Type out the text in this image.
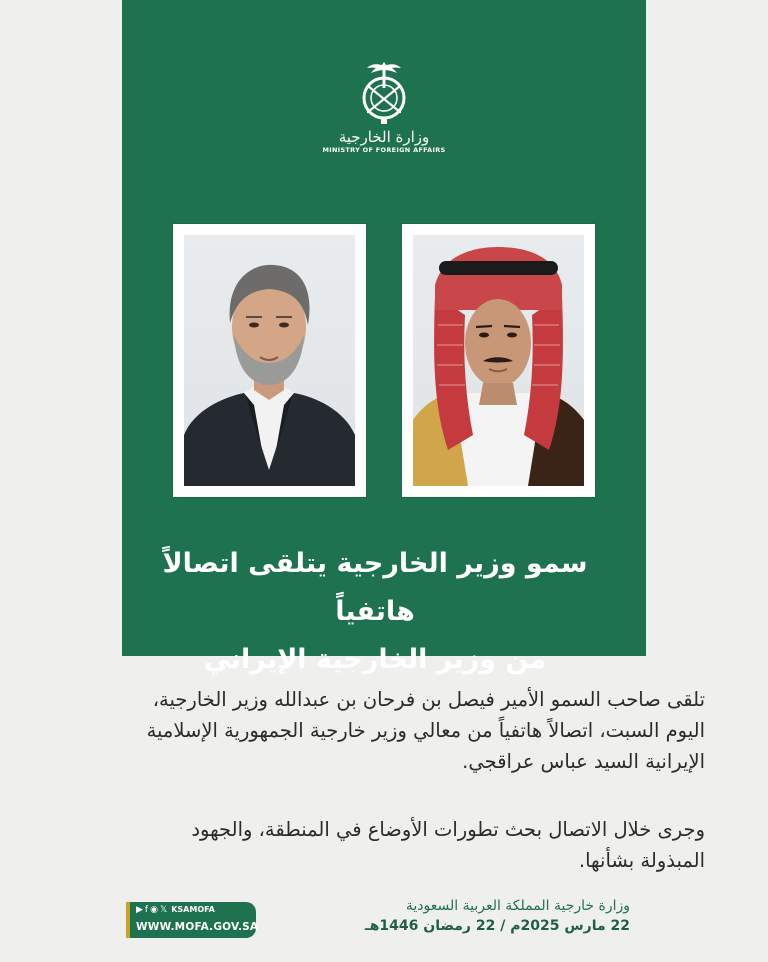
وزارة الخارجية
MINISTRY OF FOREIGN AFFAIRS
سمو وزير الخارجية يتلقى اتصالاً هاتفياً
من وزير الخارجية الإيراني
تلقى صاحب السمو الأمير فيصل بن فرحان بن عبدالله وزير الخارجية، اليوم السبت، اتصالاً هاتفياً من معالي وزير خارجية الجمهورية الإسلامية الإيرانية السيد عباس عراقجي.
وجرى خلال الاتصال بحث تطورات الأوضاع في المنطقة، والجهود المبذولة بشأنها.
▶ f ◉ 𝕏 KSAMOFA
WWW.MOFA.GOV.SA
وزارة خارجية المملكة العربية السعودية
22 مارس 2025م / 22 رمضان 1446هـ
